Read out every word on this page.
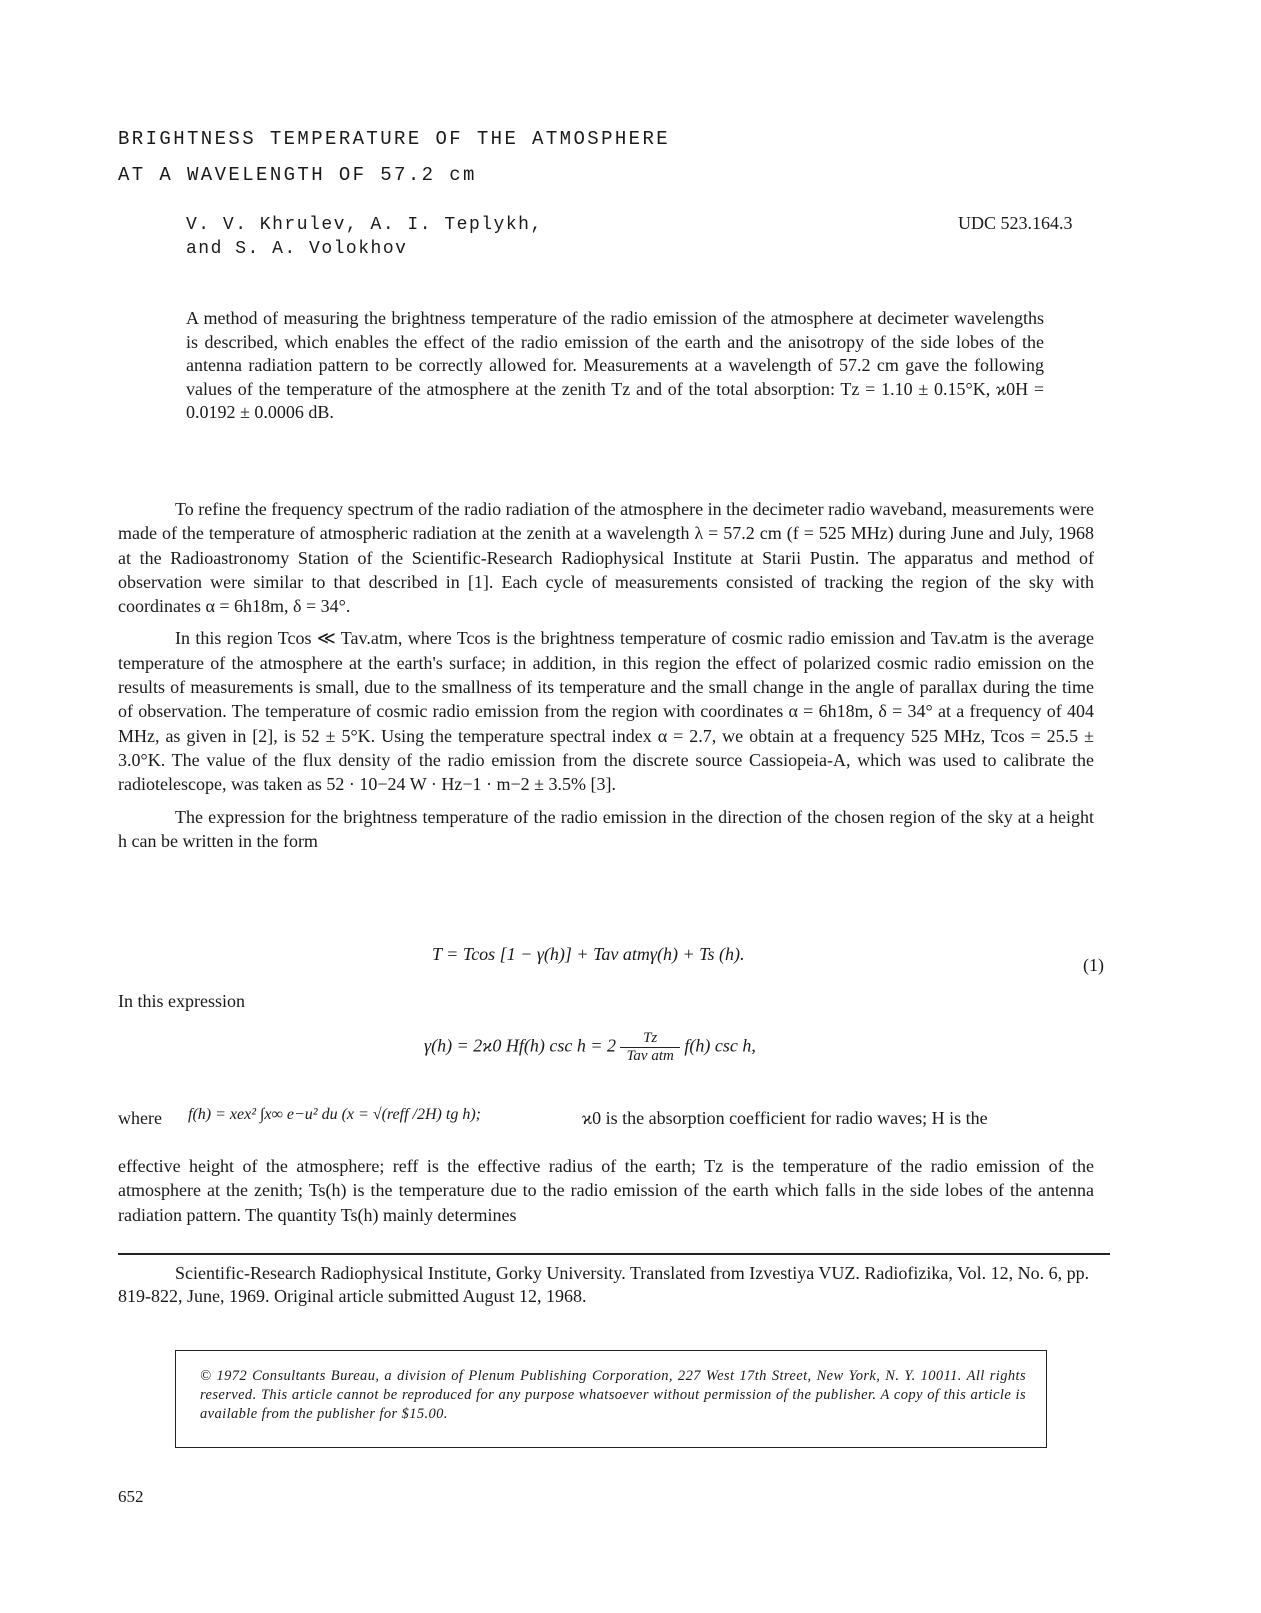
BRIGHTNESS TEMPERATURE OF THE ATMOSPHERE
AT A WAVELENGTH OF 57.2 cm
V. V. Khrulev, A. I. Teplykh,
and S. A. Volokhov
UDC 523.164.3
A method of measuring the brightness temperature of the radio emission of the atmosphere at decimeter wavelengths is described, which enables the effect of the radio emission of the earth and the anisotropy of the side lobes of the antenna radiation pattern to be correctly allowed for. Measurements at a wavelength of 57.2 cm gave the following values of the temperature of the atmosphere at the zenith Tz and of the total absorption: Tz = 1.10 ± 0.15°K, ϰ0H = 0.0192 ± 0.0006 dB.

To refine the frequency spectrum of the radio radiation of the atmosphere in the decimeter radio waveband, measurements were made of the temperature of atmospheric radiation at the zenith at a wavelength λ = 57.2 cm (f = 525 MHz) during June and July, 1968 at the Radioastronomy Station of the Scientific-Research Radiophysical Institute at Starii Pustin. The apparatus and method of observation were similar to that described in [1]. Each cycle of measurements consisted of tracking the region of the sky with coordinates α = 6h18m, δ = 34°.

In this region Tcos ≪ Tav.atm, where Tcos is the brightness temperature of cosmic radio emission and Tav.atm is the average temperature of the atmosphere at the earth's surface; in addition, in this region the effect of polarized cosmic radio emission on the results of measurements is small, due to the smallness of its temperature and the small change in the angle of parallax during the time of observation. The temperature of cosmic radio emission from the region with coordinates α = 6h18m, δ = 34° at a frequency of 404 MHz, as given in [2], is 52 ± 5°K. Using the temperature spectral index α = 2.7, we obtain at a frequency 525 MHz, Tcos = 25.5 ± 3.0°K. The value of the flux density of the radio emission from the discrete source Cassiopeia-A, which was used to calibrate the radiotelescope, was taken as 52 · 10−24 W · Hz−1 · m−2 ± 3.5% [3].

The expression for the brightness temperature of the radio emission in the direction of the chosen region of the sky at a height h can be written in the form

T = Tcos [1 − γ(h)] + Tav atmγ(h) + Ts (h).
(1)
In this expression
γ(h) = 2ϰ0 Hf(h) $\csc h = 2 \frac{Tz}{\text{Tav atm}} f(h)$ csc h,
where f(h) = xex² ∫x∞ e−u² du (x = √(reff /2H) tg h);	ϰ0 is the absorption coefficient for radio waves; H is the
effective height of the atmosphere; reff is the effective radius of the earth; Tz is the temperature of the radio emission of the atmosphere at the zenith; Ts(h) is the temperature due to the radio emission of the earth which falls in the side lobes of the antenna radiation pattern. The quantity Ts(h) mainly determines
Scientific-Research Radiophysical Institute, Gorky University. Translated from Izvestiya VUZ. Radiofizika, Vol. 12, No. 6, pp. 819-822, June, 1969. Original article submitted August 12, 1968.
© 1972 Consultants Bureau, a division of Plenum Publishing Corporation, 227 West 17th Street, New York, N. Y. 10011. All rights reserved. This article cannot be reproduced for any purpose whatsoever without permission of the publisher. A copy of this article is available from the publisher for $15.00.
652
